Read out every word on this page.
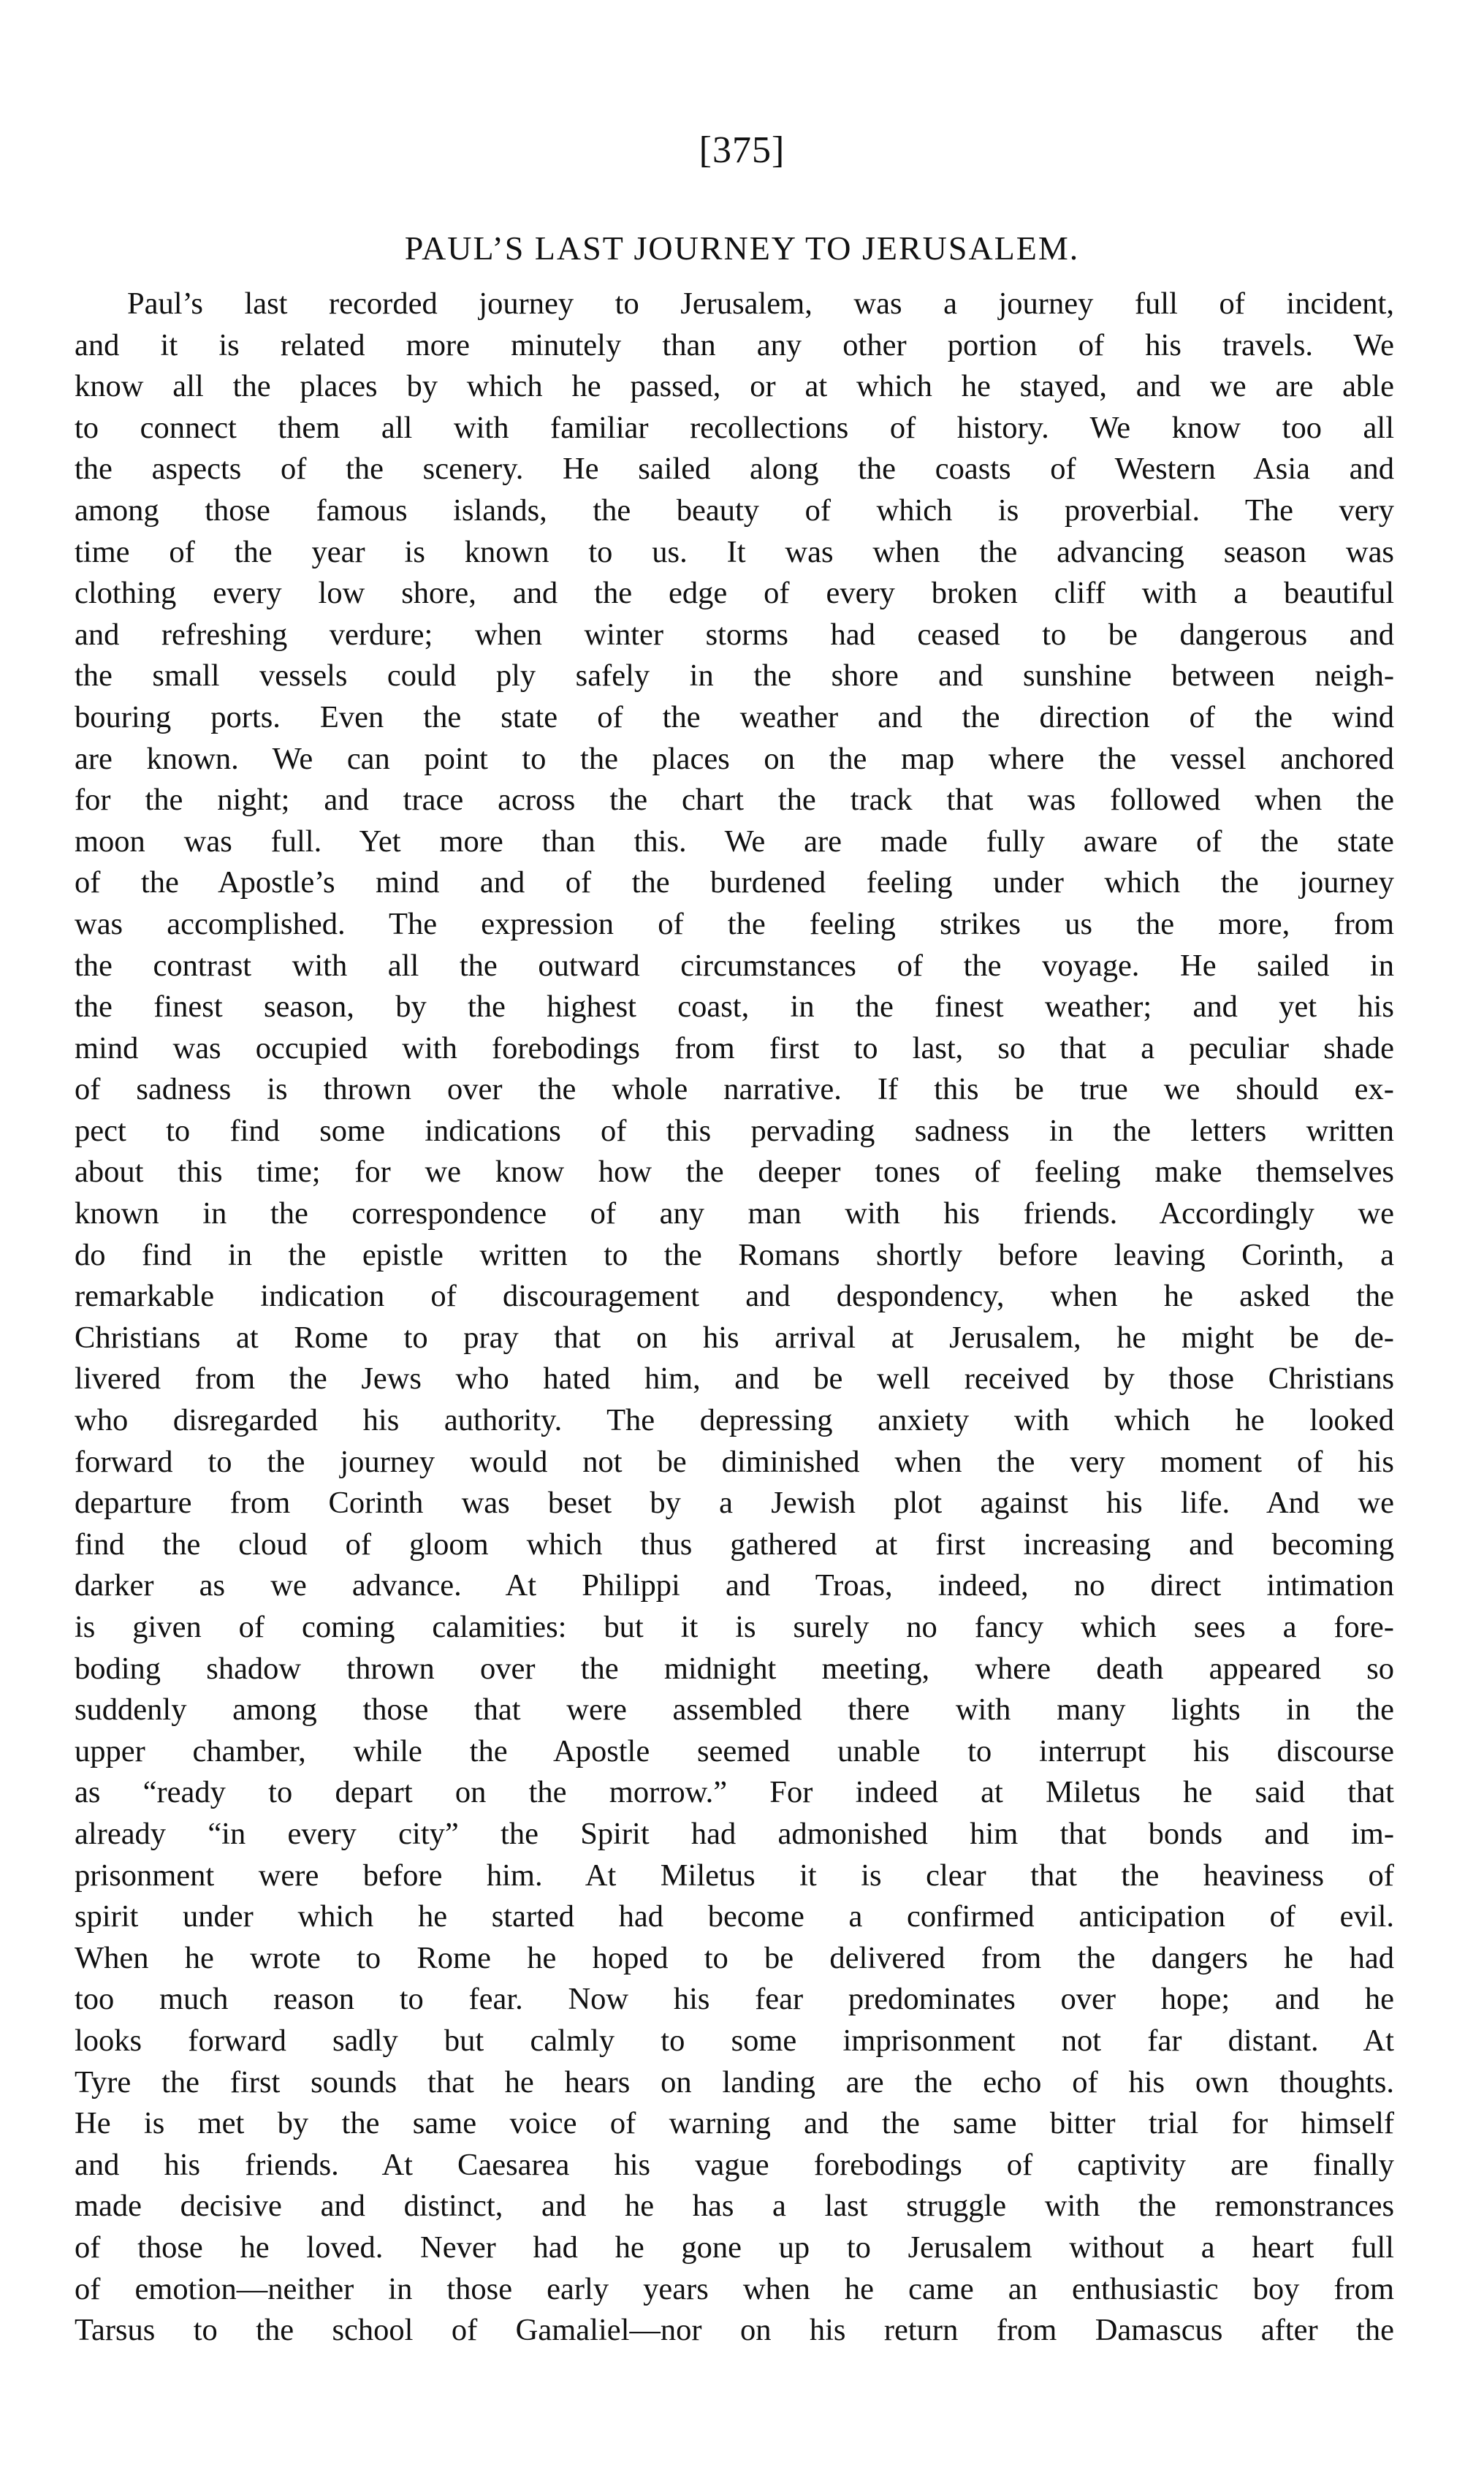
[375]
PAUL’S LAST JOURNEY TO JERUSALEM.
Paul’s last recorded journey to Jerusalem, was a journey full of incident,
and it is related more minutely than any other portion of his travels. We
know all the places by which he passed, or at which he stayed, and we are able
to connect them all with familiar recollections of history. We know too all
the aspects of the scenery. He sailed along the coasts of Western Asia and
among those famous islands, the beauty of which is proverbial. The very
time of the year is known to us. It was when the advancing season was
clothing every low shore, and the edge of every broken cliff with a beautiful
and refreshing verdure; when winter storms had ceased to be dangerous and
the small vessels could ply safely in the shore and sunshine between neigh-
bouring ports. Even the state of the weather and the direction of the wind
are known. We can point to the places on the map where the vessel anchored
for the night; and trace across the chart the track that was followed when the
moon was full. Yet more than this. We are made fully aware of the state
of the Apostle’s mind and of the burdened feeling under which the journey
was accomplished. The expression of the feeling strikes us the more, from
the contrast with all the outward circumstances of the voyage. He sailed in
the finest season, by the highest coast, in the finest weather; and yet his
mind was occupied with forebodings from first to last, so that a peculiar shade
of sadness is thrown over the whole narrative. If this be true we should ex-
pect to find some indications of this pervading sadness in the letters written
about this time; for we know how the deeper tones of feeling make themselves
known in the correspondence of any man with his friends. Accordingly we
do find in the epistle written to the Romans shortly before leaving Corinth, a
remarkable indication of discouragement and despondency, when he asked the
Christians at Rome to pray that on his arrival at Jerusalem, he might be de-
livered from the Jews who hated him, and be well received by those Christians
who disregarded his authority. The depressing anxiety with which he looked
forward to the journey would not be diminished when the very moment of his
departure from Corinth was beset by a Jewish plot against his life. And we
find the cloud of gloom which thus gathered at first increasing and becoming
darker as we advance. At Philippi and Troas, indeed, no direct intimation
is given of coming calamities: but it is surely no fancy which sees a fore-
boding shadow thrown over the midnight meeting, where death appeared so
suddenly among those that were assembled there with many lights in the
upper chamber, while the Apostle seemed unable to interrupt his discourse
as “ready to depart on the morrow.” For indeed at Miletus he said that
already “in every city” the Spirit had admonished him that bonds and im-
prisonment were before him. At Miletus it is clear that the heaviness of
spirit under which he started had become a confirmed anticipation of evil.
When he wrote to Rome he hoped to be delivered from the dangers he had
too much reason to fear. Now his fear predominates over hope; and he
looks forward sadly but calmly to some imprisonment not far distant. At
Tyre the first sounds that he hears on landing are the echo of his own thoughts.
He is met by the same voice of warning and the same bitter trial for himself
and his friends. At Caesarea his vague forebodings of captivity are finally
made decisive and distinct, and he has a last struggle with the remonstrances
of those he loved. Never had he gone up to Jerusalem without a heart full
of emotion—neither in those early years when he came an enthusiastic boy from
Tarsus to the school of Gamaliel—nor on his return from Damascus after the
